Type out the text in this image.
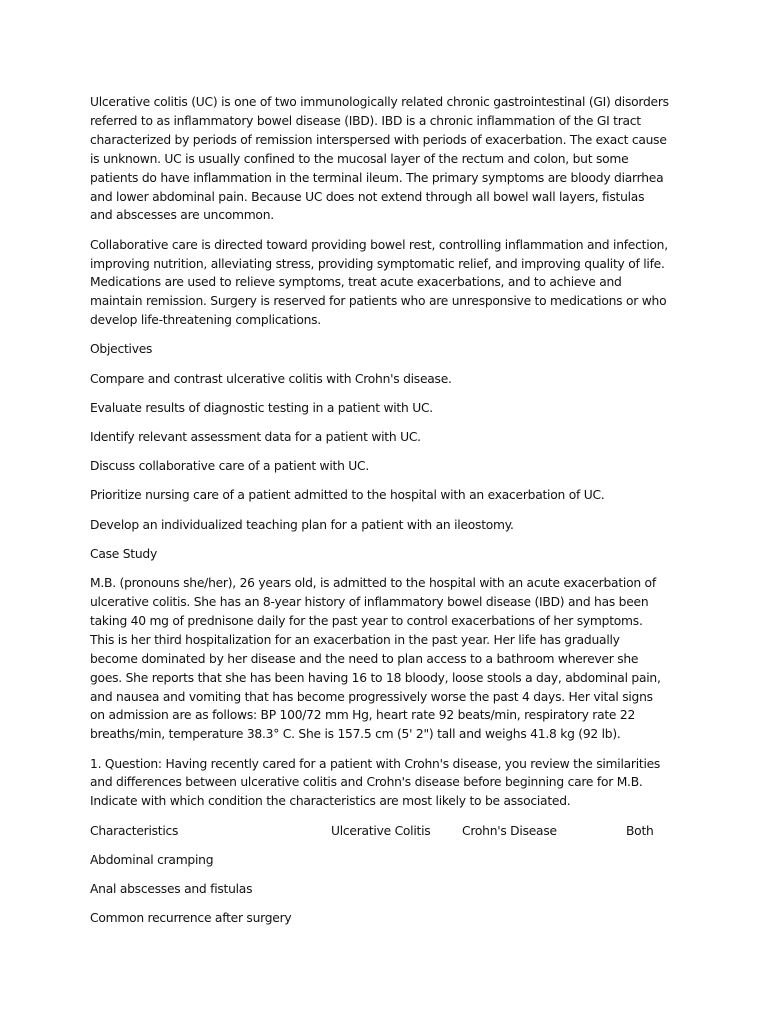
Ulcerative colitis (UC) is one of two immunologically related chronic gastrointestinal (GI) disorders referred to as inflammatory bowel disease (IBD). IBD is a chronic inflammation of the GI tract characterized by periods of remission interspersed with periods of exacerbation. The exact cause is unknown. UC is usually confined to the mucosal layer of the rectum and colon, but some patients do have inflammation in the terminal ileum. The primary symptoms are bloody diarrhea and lower abdominal pain. Because UC does not extend through all bowel wall layers, fistulas and abscesses are uncommon.

Collaborative care is directed toward providing bowel rest, controlling inflammation and infection, improving nutrition, alleviating stress, providing symptomatic relief, and improving quality of life. Medications are used to relieve symptoms, treat acute exacerbations, and to achieve and maintain remission. Surgery is reserved for patients who are unresponsive to medications or who develop life-threatening complications.

Objectives

Compare and contrast ulcerative colitis with Crohn's disease.

Evaluate results of diagnostic testing in a patient with UC.

Identify relevant assessment data for a patient with UC.

Discuss collaborative care of a patient with UC.

Prioritize nursing care of a patient admitted to the hospital with an exacerbation of UC.

Develop an individualized teaching plan for a patient with an ileostomy.

Case Study

M.B. (pronouns she/her), 26 years old, is admitted to the hospital with an acute exacerbation of ulcerative colitis. She has an 8-year history of inflammatory bowel disease (IBD) and has been taking 40 mg of prednisone daily for the past year to control exacerbations of her symptoms. This is her third hospitalization for an exacerbation in the past year. Her life has gradually become dominated by her disease and the need to plan access to a bathroom wherever she goes. She reports that she has been having 16 to 18 bloody, loose stools a day, abdominal pain, and nausea and vomiting that has become progressively worse the past 4 days. Her vital signs on admission are as follows: BP 100/72 mm Hg, heart rate 92 beats/min, respiratory rate 22 breaths/min, temperature 38.3° C. She is 157.5 cm (5' 2") tall and weighs 41.8 kg (92 lb).

1. Question: Having recently cared for a patient with Crohn's disease, you review the similarities and differences between ulcerative colitis and Crohn's disease before beginning care for M.B. Indicate with which condition the characteristics are most likely to be associated.

Characteristics	Ulcerative Colitis	Crohn's Disease	Both

Abdominal cramping

Anal abscesses and fistulas

Common recurrence after surgery
